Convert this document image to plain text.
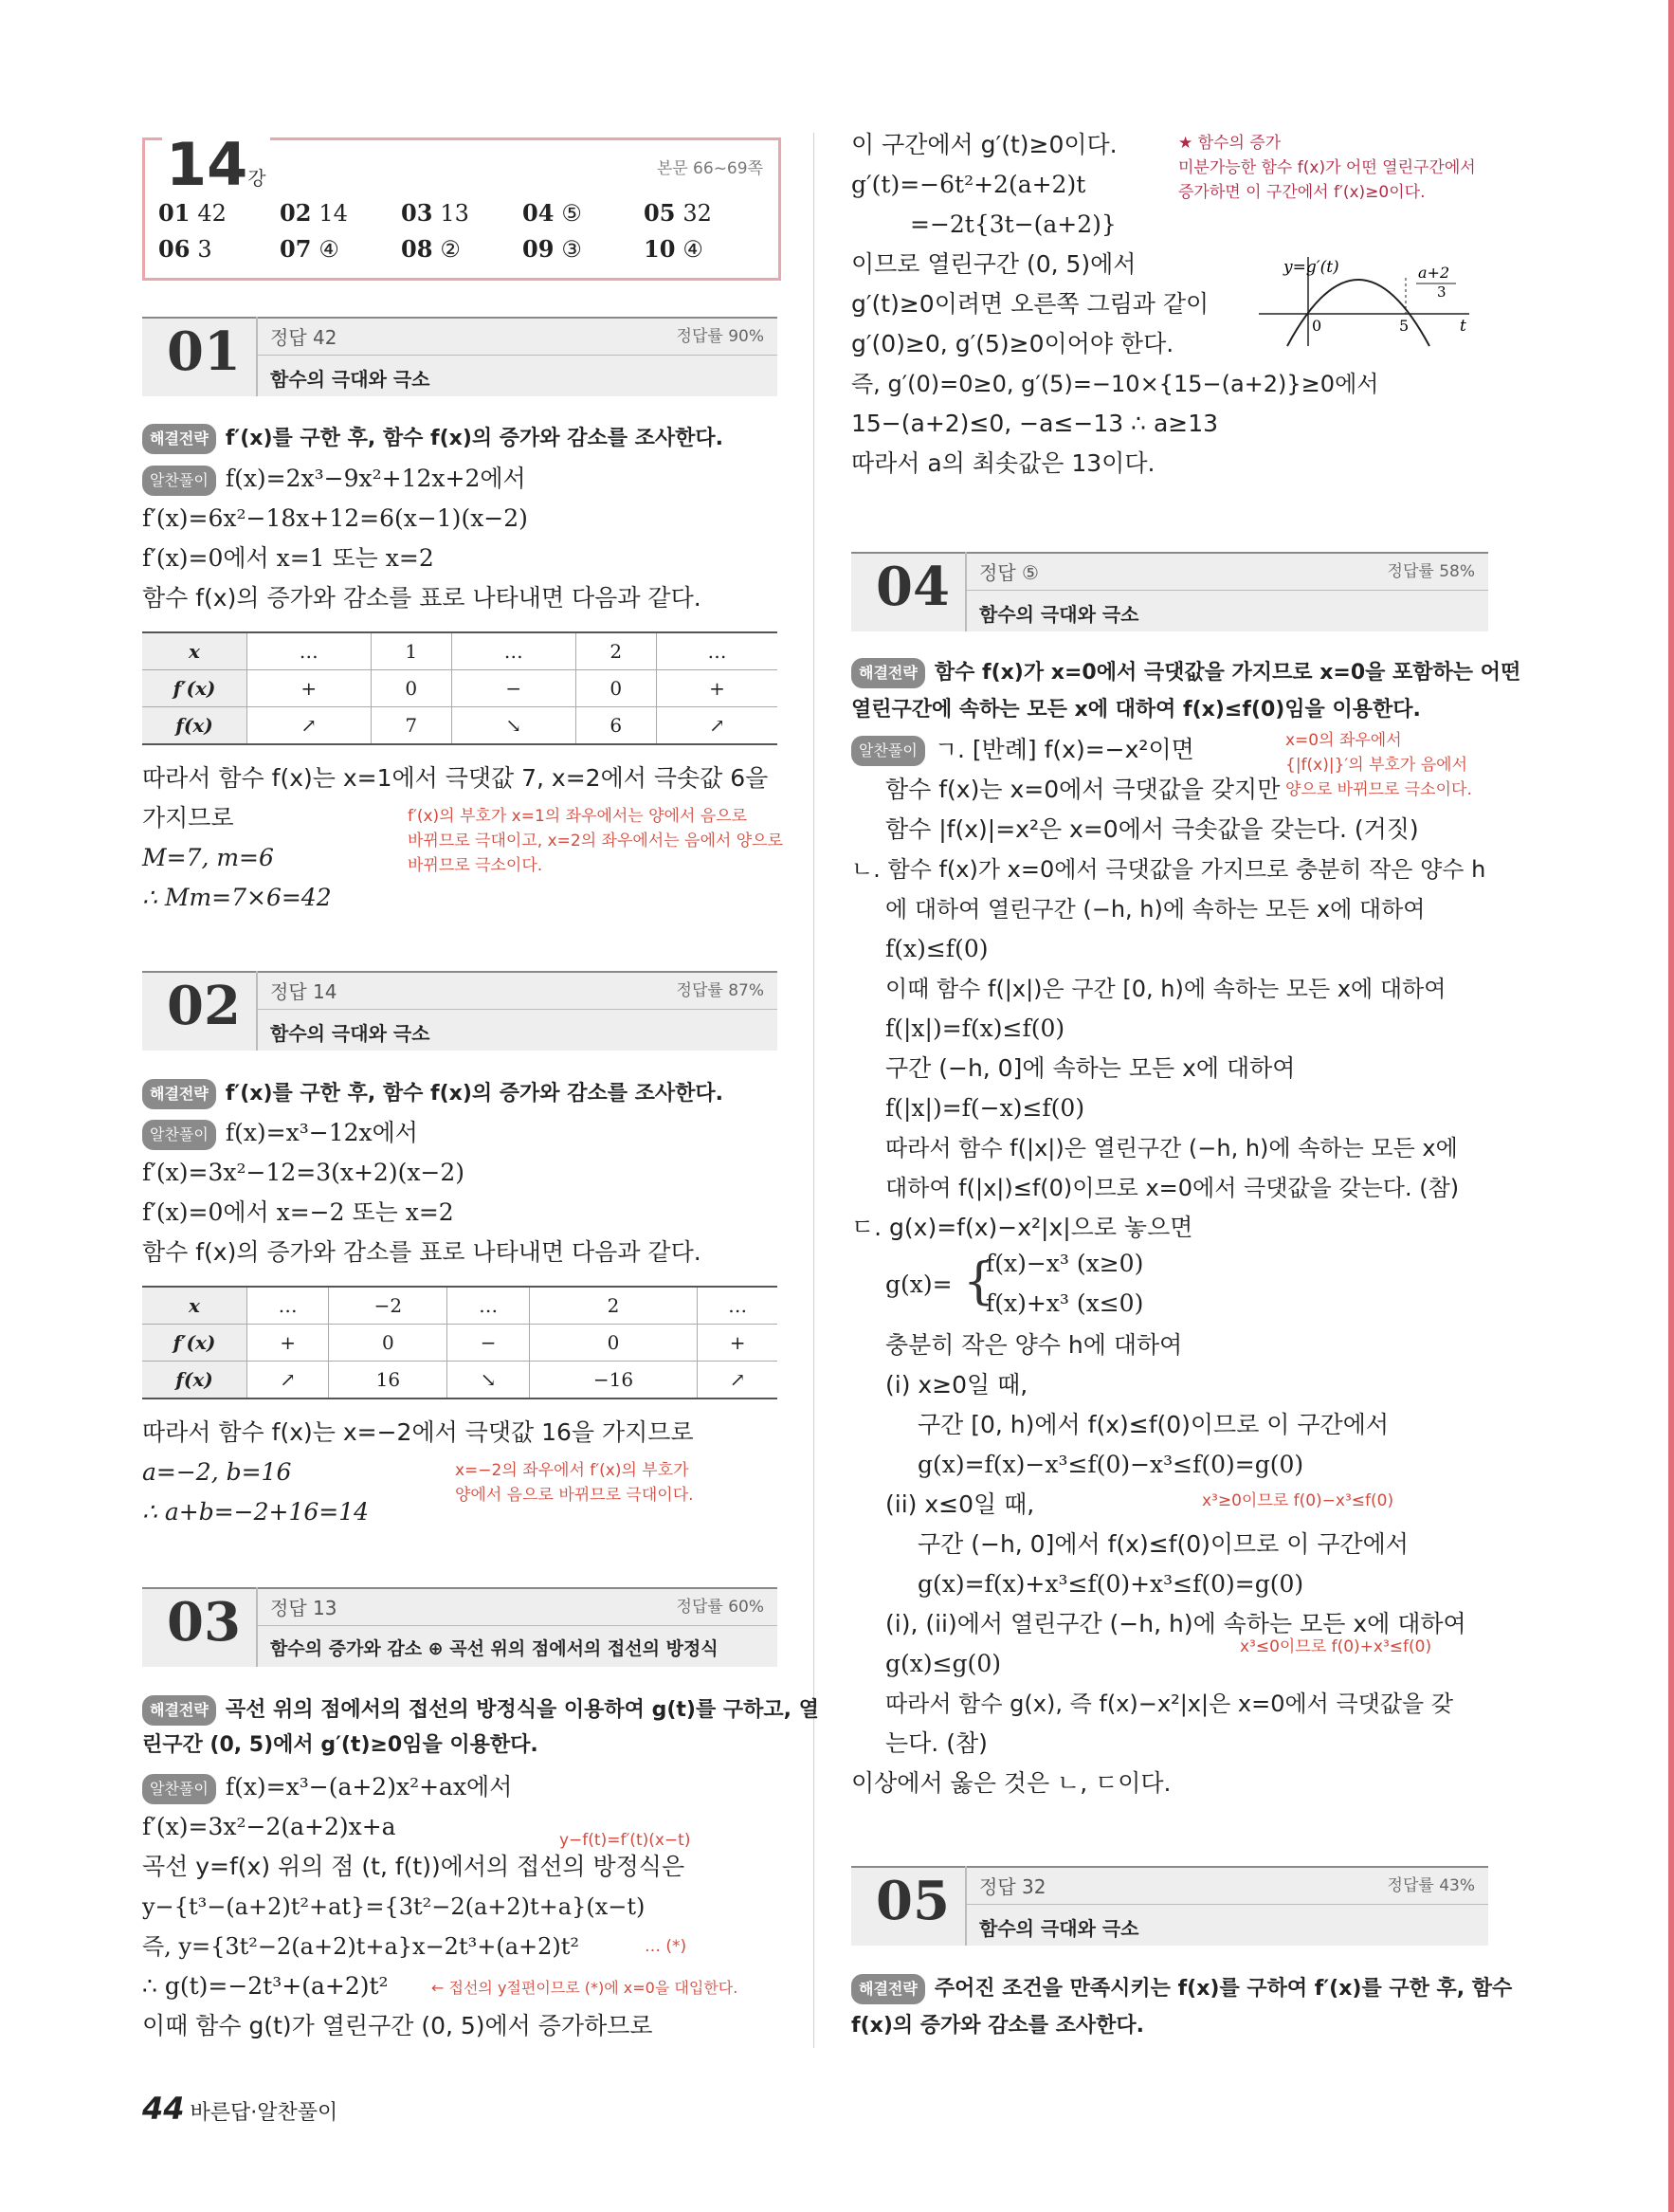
14강	본문 66~69쪽
01 42	02 14	03 13	04 ⑤	05 32
06 3	07 ④	08 ②	09 ③	10 ④
01 정답 42	정답률 90%
함수의 극대와 극소
해결전략 f′(x)를 구한 후, 함수 f(x)의 증가와 감소를 조사한다.
알찬풀이 f(x)=2x³−9x²+12x+2에서
f′(x)=6x²−18x+12=6(x−1)(x−2)
f′(x)=0에서 x=1 또는 x=2
함수 f(x)의 증가와 감소를 표로 나타내면 다음과 같다.
x	…	1	…	2	…
f′(x)	+	0	−	0	+
f(x)	↗	7	↘	6	↗
따라서 함수 f(x)는 x=1에서 극댓값 7, x=2에서 극솟값 6을
가지므로
M=7, m=6
∴ Mm=7×6=42
f′(x)의 부호가 x=1의 좌우에서는 양에서 음으로
바뀌므로 극대이고, x=2의 좌우에서는 음에서 양으로
바뀌므로 극소이다.
02 정답 14	정답률 87%
함수의 극대와 극소
해결전략 f′(x)를 구한 후, 함수 f(x)의 증가와 감소를 조사한다.
알찬풀이 f(x)=x³−12x에서
f′(x)=3x²−12=3(x+2)(x−2)
f′(x)=0에서 x=−2 또는 x=2
함수 f(x)의 증가와 감소를 표로 나타내면 다음과 같다.
x	…	−2	…	2	…
f′(x)	+	0	−	0	+
f(x)	↗	16	↘	−16	↗
따라서 함수 f(x)는 x=−2에서 극댓값 16을 가지므로
a=−2, b=16
∴ a+b=−2+16=14
x=−2의 좌우에서 f′(x)의 부호가
양에서 음으로 바뀌므로 극대이다.
03 정답 13	정답률 60%
함수의 증가와 감소 ⊕ 곡선 위의 점에서의 접선의 방정식
해결전략 곡선 위의 점에서의 접선의 방정식을 이용하여 g(t)를 구하고, 열
린구간 (0, 5)에서 g′(t)≥0임을 이용한다.
알찬풀이 f(x)=x³−(a+2)x²+ax에서
f′(x)=3x²−2(a+2)x+a
곡선 y=f(x) 위의 점 (t, f(t))에서의 접선의 방정식은
y−{t³−(a+2)t²+at}={3t²−2(a+2)t+a}(x−t)
즉, y={3t²−2(a+2)t+a}x−2t³+(a+2)t²
∴ g(t)=−2t³+(a+2)t²
이때 함수 g(t)가 열린구간 (0, 5)에서 증가하므로
y−f(t)=f′(t)(x−t)
… (*)
← 접선의 y절편이므로 (*)에 x=0을 대입한다.
이 구간에서 g′(t)≥0이다.
g′(t)=−6t²+2(a+2)t
=−2t{3t−(a+2)}
이므로 열린구간 (0, 5)에서
g′(t)≥0이려면 오른쪽 그림과 같이
g′(0)≥0, g′(5)≥0이어야 한다.
즉, g′(0)=0≥0, g′(5)=−10×{15−(a+2)}≥0에서
15−(a+2)≤0, −a≤−13 ∴ a≥13
따라서 a의 최솟값은 13이다.
★ 함수의 증가
미분가능한 함수 f(x)가 어떤 열린구간에서
증가하면 이 구간에서 f′(x)≥0이다.
y=g′(t)	a+2
3
0	5	t
04 정답 ⑤	정답률 58%
함수의 극대와 극소
해결전략 함수 f(x)가 x=0에서 극댓값을 가지므로 x=0을 포함하는 어떤
열린구간에 속하는 모든 x에 대하여 f(x)≤f(0)임을 이용한다.
알찬풀이 ㄱ. [반례] f(x)=−x²이면
함수 f(x)는 x=0에서 극댓값을 갖지만
함수 |f(x)|=x²은 x=0에서 극솟값을 갖는다. (거짓)
ㄴ. 함수 f(x)가 x=0에서 극댓값을 가지므로 충분히 작은 양수 h
에 대하여 열린구간 (−h, h)에 속하는 모든 x에 대하여
f(x)≤f(0)
이때 함수 f(|x|)은 구간 [0, h)에 속하는 모든 x에 대하여
f(|x|)=f(x)≤f(0)
구간 (−h, 0]에 속하는 모든 x에 대하여
f(|x|)=f(−x)≤f(0)
따라서 함수 f(|x|)은 열린구간 (−h, h)에 속하는 모든 x에
대하여 f(|x|)≤f(0)이므로 x=0에서 극댓값을 갖는다. (참)
ㄷ. g(x)=f(x)−x²|x|으로 놓으면
g(x)= {
f(x)−x³ (x≥0)
f(x)+x³ (x≤0)
충분히 작은 양수 h에 대하여
(i) x≥0일 때,
구간 [0, h)에서 f(x)≤f(0)이므로 이 구간에서
g(x)=f(x)−x³≤f(0)−x³≤f(0)=g(0)
(ii) x≤0일 때,
구간 (−h, 0]에서 f(x)≤f(0)이므로 이 구간에서
g(x)=f(x)+x³≤f(0)+x³≤f(0)=g(0)
(i), (ii)에서 열린구간 (−h, h)에 속하는 모든 x에 대하여
g(x)≤g(0)
따라서 함수 g(x), 즉 f(x)−x²|x|은 x=0에서 극댓값을 갖
는다. (참)
이상에서 옳은 것은 ㄴ, ㄷ이다.
x=0의 좌우에서
{|f(x)|}′의 부호가 음에서
양으로 바뀌므로 극소이다.
x³≥0이므로 f(0)−x³≤f(0)
x³≤0이므로 f(0)+x³≤f(0)
05 정답 32	정답률 43%
함수의 극대와 극소
해결전략 주어진 조건을 만족시키는 f(x)를 구하여 f′(x)를 구한 후, 함수
f(x)의 증가와 감소를 조사한다.
44 바른답·알찬풀이
